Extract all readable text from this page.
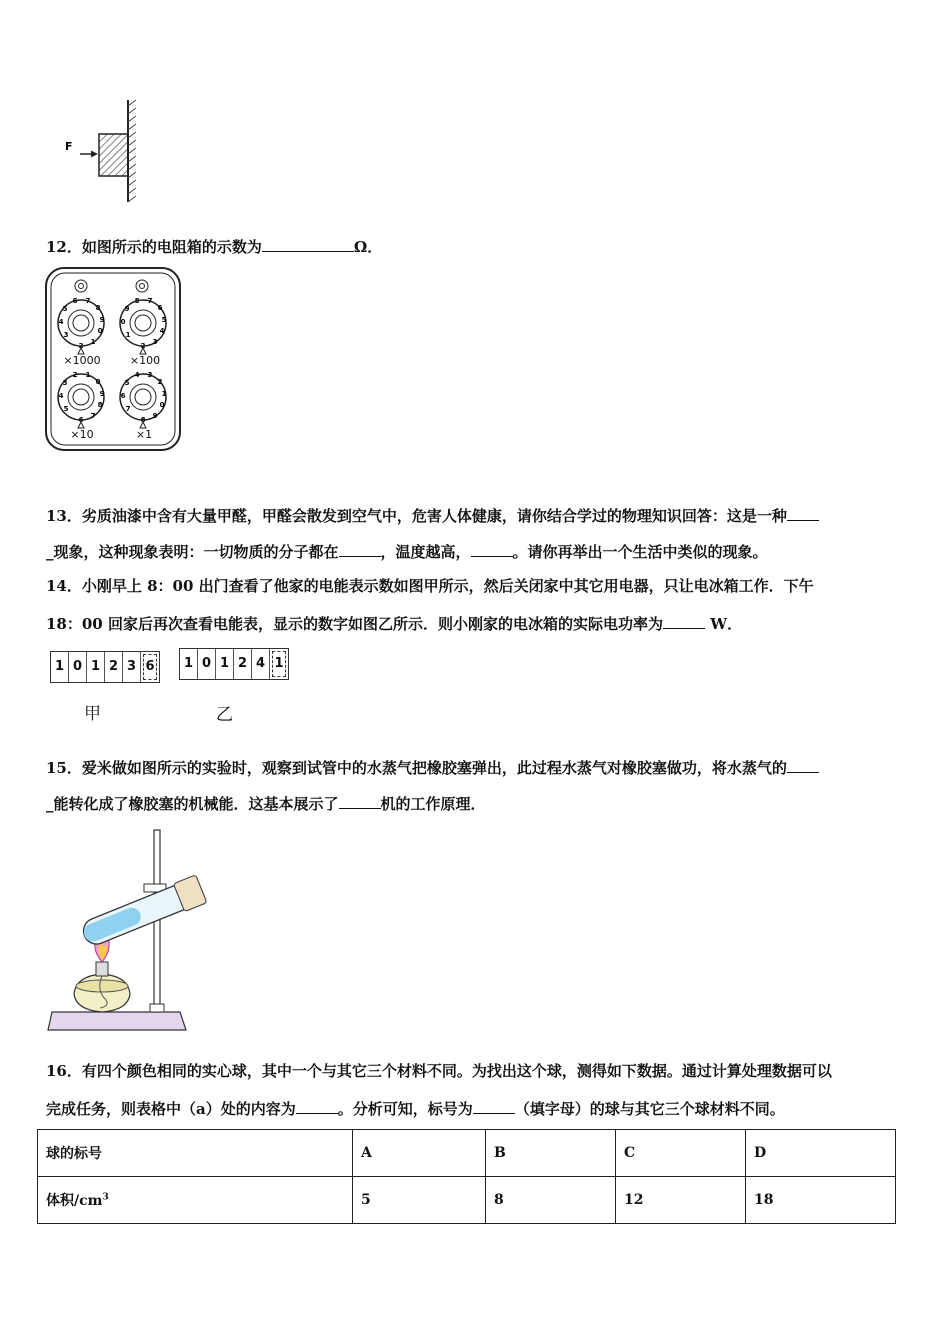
F
12．如图所示的电阻箱的示数为	Ω．
2 1
0
9
8
7
6
5
4
3
2 3
4
5
6
7
8
9
0
1
6 7
8
9
0
1
2
3
4
5
8 9
0
1
2
3
4
5
6
7
×1000	×100
×10	×1
13．劣质油漆中含有大量甲醛，甲醛会散发到空气中，危害人体健康，请你结合学过的物理知识回答：这是一种
_现象，这种现象表明：一切物质的分子都在	，温度越高，	。请你再举出一个生活中类似的现象。
14．小刚早上 8：00 出门查看了他家的电能表示数如图甲所示，然后关闭家中其它用电器，只让电冰箱工作．下午
18：00 回家后再次查看电能表，显示的数字如图乙所示．则小刚家的电冰箱的实际电功率为	W．
1 0 1 2 3 6	1 0 1 2 4 1
甲	乙
15．爱米做如图所示的实验时，观察到试管中的水蒸气把橡胶塞弹出，此过程水蒸气对橡胶塞做功，将水蒸气的
_能转化成了橡胶塞的机械能．这基本展示了	机的工作原理．
16．有四个颜色相同的实心球，其中一个与其它三个材料不同。为找出这个球，测得如下数据。通过计算处理数据可以
完成任务，则表格中（a）处的内容为	。分析可知，标号为	（填字母）的球与其它三个球材料不同。
球的标号	A	B	C	D
体积$/cm^3$	5	8	12	18
